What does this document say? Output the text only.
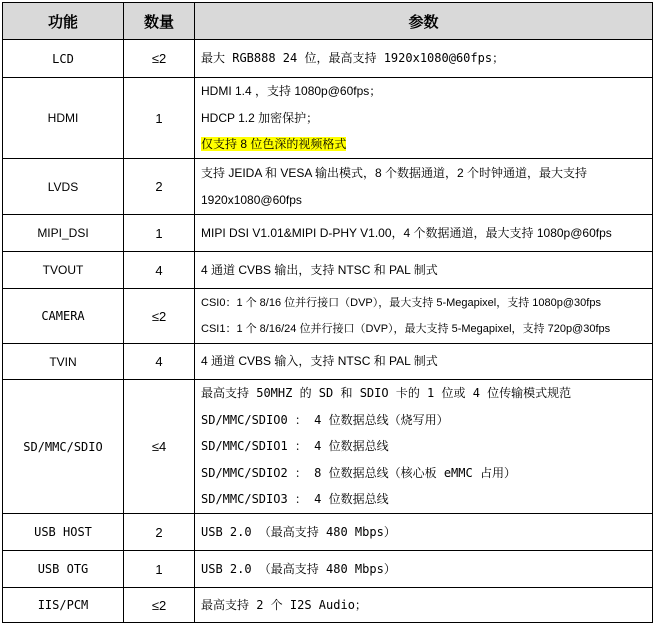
功能	数量	参数
LCD	≤2	最大 RGB888 24 位，最高支持 1920x1080@60fps；

HDMI	1	HDMI 1.4 ，支持 1080p@60fps；
HDCP 1.2 加密保护；
仅支持 8 位色深的视频格式

LVDS	2	支持 JEIDA 和 VESA 输出模式，8 个数据通道，2 个时钟通道，最大支持
1920x1080@60fps

MIPI_DSI	1	MIPI DSI V1.01&MIPI D-PHY V1.00，4 个数据通道，最大支持 1080p@60fps

TVOUT	4	4 通道 CVBS 输出，支持 NTSC 和 PAL 制式

CAMERA	≤2	CSI0：1 个 8/16 位并行接口（DVP），最大支持 5-Megapixel，支持 1080p@30fps
CSI1：1 个 8/16/24 位并行接口（DVP），最大支持 5-Megapixel，支持 720p@30fps

TVIN	4	4 通道 CVBS 输入，支持 NTSC 和 PAL 制式

SD/MMC/SDIO	≤4	最高支持 50MHZ 的 SD 和 SDIO 卡的 1 位或 4 位传输模式规范
SD/MMC/SDIO0 ： 4 位数据总线（烧写用）
SD/MMC/SDIO1 ： 4 位数据总线
SD/MMC/SDIO2 ： 8 位数据总线（核心板 eMMC 占用）
SD/MMC/SDIO3 ： 4 位数据总线

USB HOST	2	USB 2.0 （最高支持 480 Mbps）

USB OTG	1	USB 2.0 （最高支持 480 Mbps）

IIS/PCM	≤2	最高支持 2 个 I2S Audio；
